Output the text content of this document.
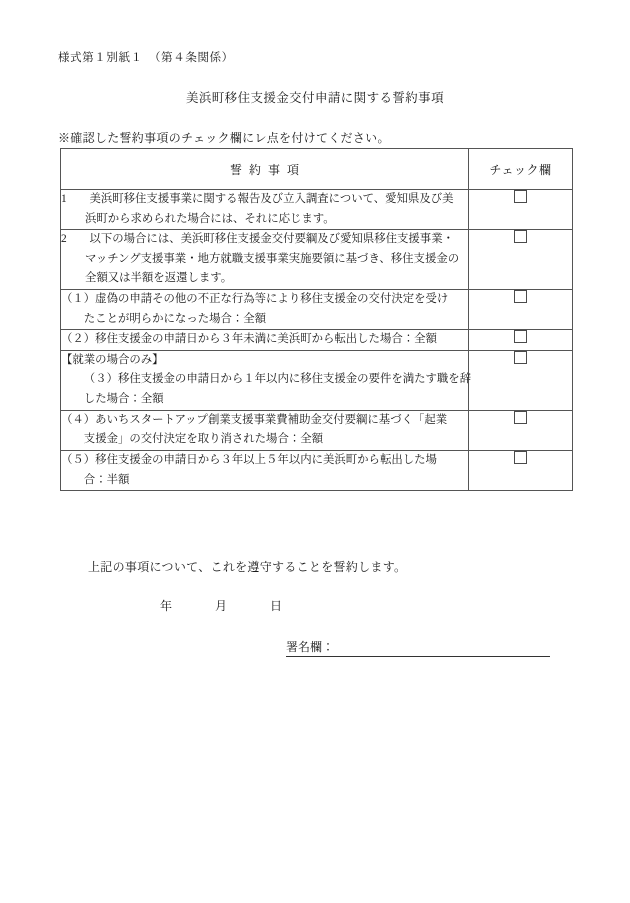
様式第１別紙１　（第４条関係）
美浜町移住支援金交付申請に関する誓約事項
※確認した誓約事項のチェック欄にレ点を付けてください。
誓約事項	チェック欄

1　　美浜町移住支援事業に関する報告及び立入調査について、愛知県及び美
浜町から求められた場合には、それに応じます。	

2　　以下の場合には、美浜町移住支援金交付要綱及び愛知県移住支援事業・
マッチング支援事業・地方就職支援事業実施要領に基づき、移住支援金の
全額又は半額を返還します。	

（１）虚偽の申請その他の不正な行為等により移住支援金の交付決定を受け
たことが明らかになった場合：全額	

（２）移住支援金の申請日から３年未満に美浜町から転出した場合：全額	

【就業の場合のみ】
（３）移住支援金の申請日から１年以内に移住支援金の要件を満たす職を辞
した場合：全額	

（４）あいちスタートアップ創業支援事業費補助金交付要綱に基づく「起業
支援金」の交付決定を取り消された場合：全額	

（５）移住支援金の申請日から３年以上５年以内に美浜町から転出した場
合：半額	

上記の事項について、これを遵守することを誓約します。
年	月	日
署名欄：
